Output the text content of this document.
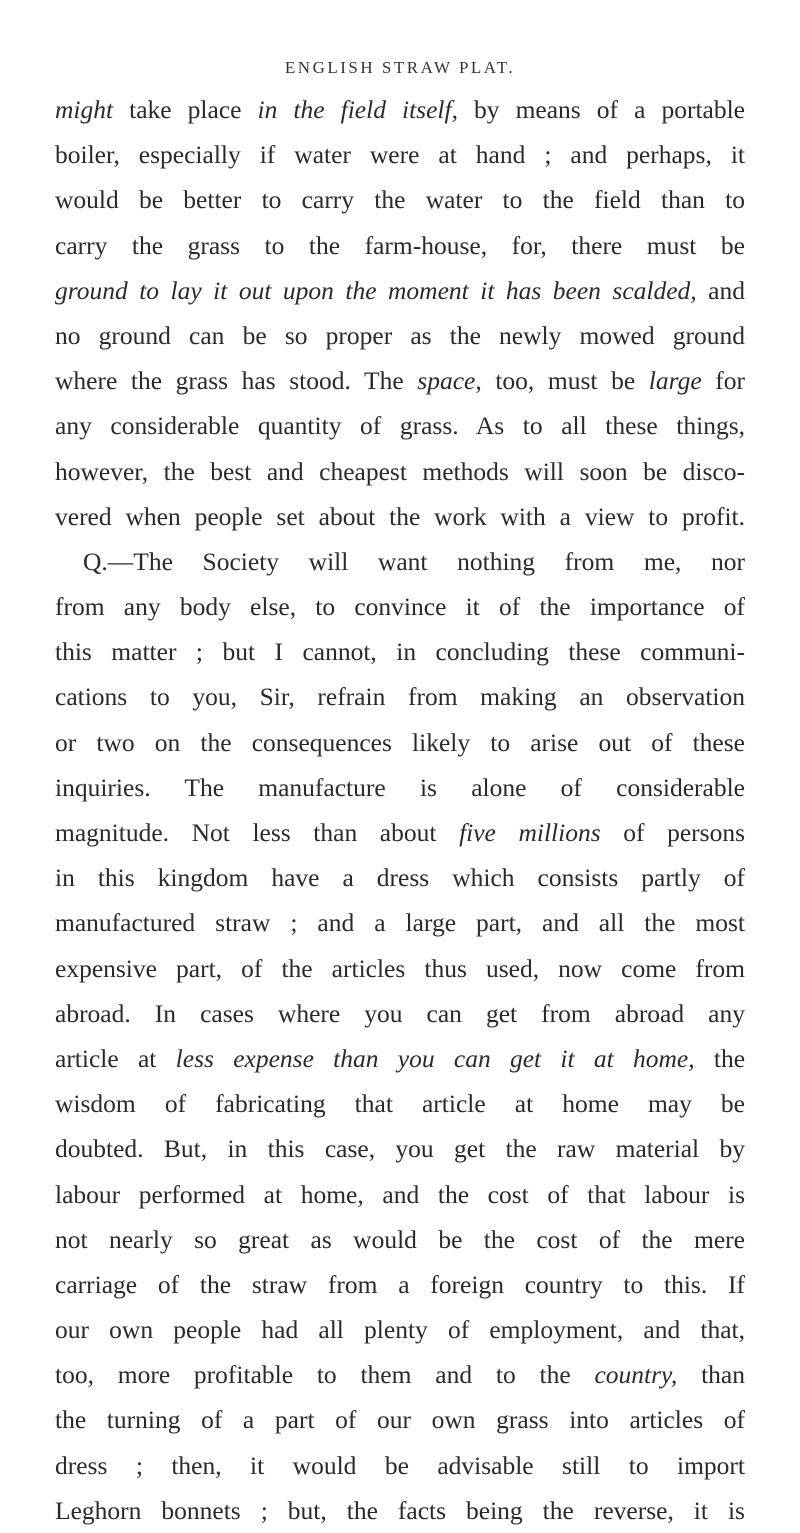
ENGLISH STRAW PLAT.
might take place in the field itself, by means of a portable
boiler, especially if water were at hand ; and perhaps, it
would be better to carry the water to the field than to
carry the grass to the farm-house, for, there must be
ground to lay it out upon the moment it has been scalded, and
no ground can be so proper as the newly mowed ground
where the grass has stood. The space, too, must be large for
any considerable quantity of grass. As to all these things,
however, the best and cheapest methods will soon be disco-
vered when people set about the work with a view to profit.
Q.—The Society will want nothing from me, nor
from any body else, to convince it of the importance of
this matter ; but I cannot, in concluding these communi-
cations to you, Sir, refrain from making an observation
or two on the consequences likely to arise out of these
inquiries. The manufacture is alone of considerable
magnitude. Not less than about five millions of persons
in this kingdom have a dress which consists partly of
manufactured straw ; and a large part, and all the most
expensive part, of the articles thus used, now come from
abroad. In cases where you can get from abroad any
article at less expense than you can get it at home, the
wisdom of fabricating that article at home may be
doubted. But, in this case, you get the raw material by
labour performed at home, and the cost of that labour is
not nearly so great as would be the cost of the mere
carriage of the straw from a foreign country to this. If
our own people had all plenty of employment, and that,
too, more profitable to them and to the country, than
the turning of a part of our own grass into articles of
dress ; then, it would be advisable still to import
Leghorn bonnets ; but, the facts being the reverse, it is
